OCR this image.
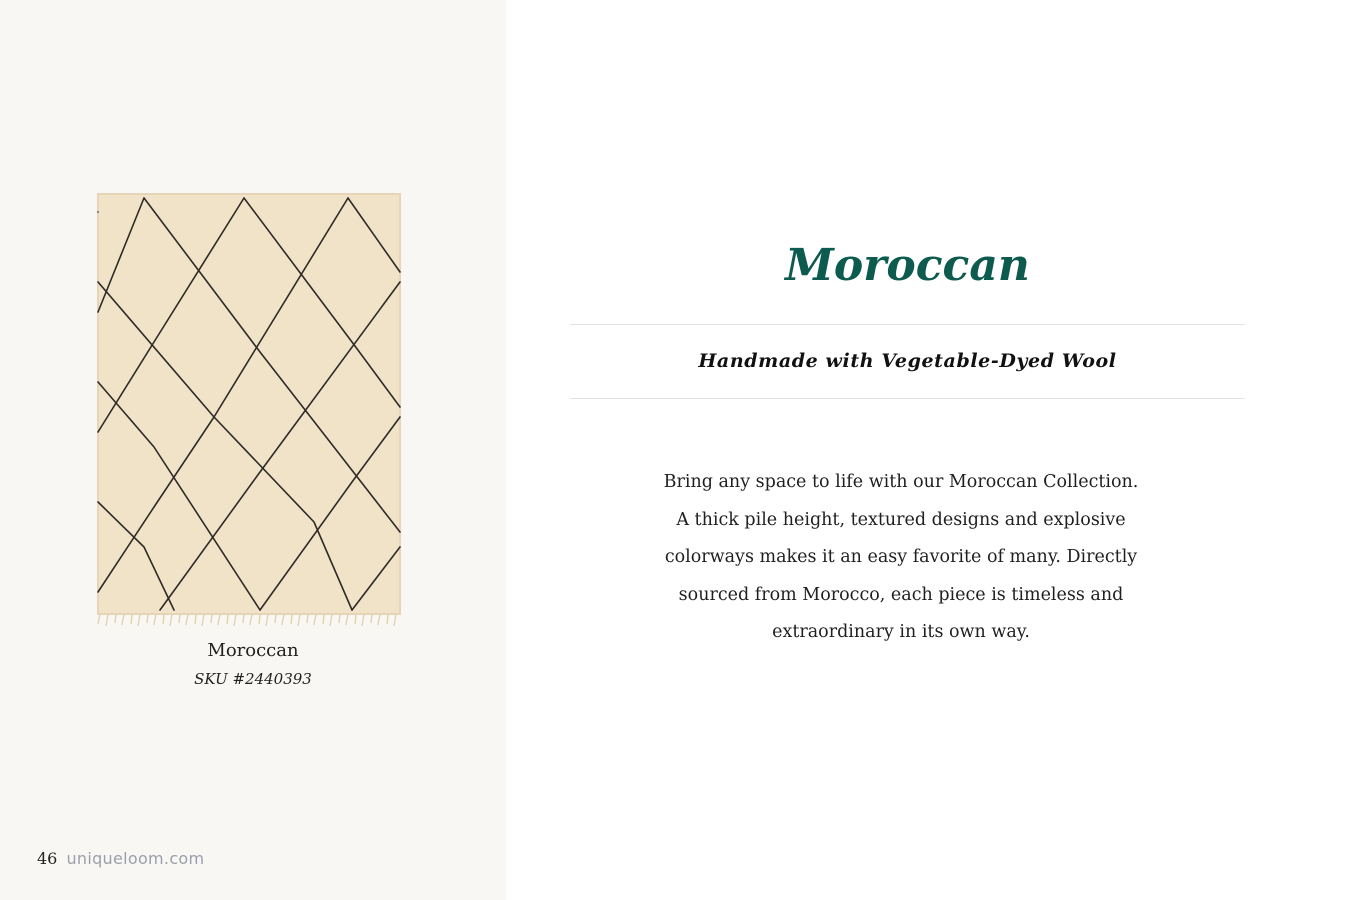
Moroccan
SKU #2440393
46 uniqueloom.com
Moroccan
Handmade with Vegetable-Dyed Wool
Bring any space to life with our Moroccan Collection.
A thick pile height, textured designs and explosive
colorways makes it an easy favorite of many. Directly
sourced from Morocco, each piece is timeless and
extraordinary in its own way.
